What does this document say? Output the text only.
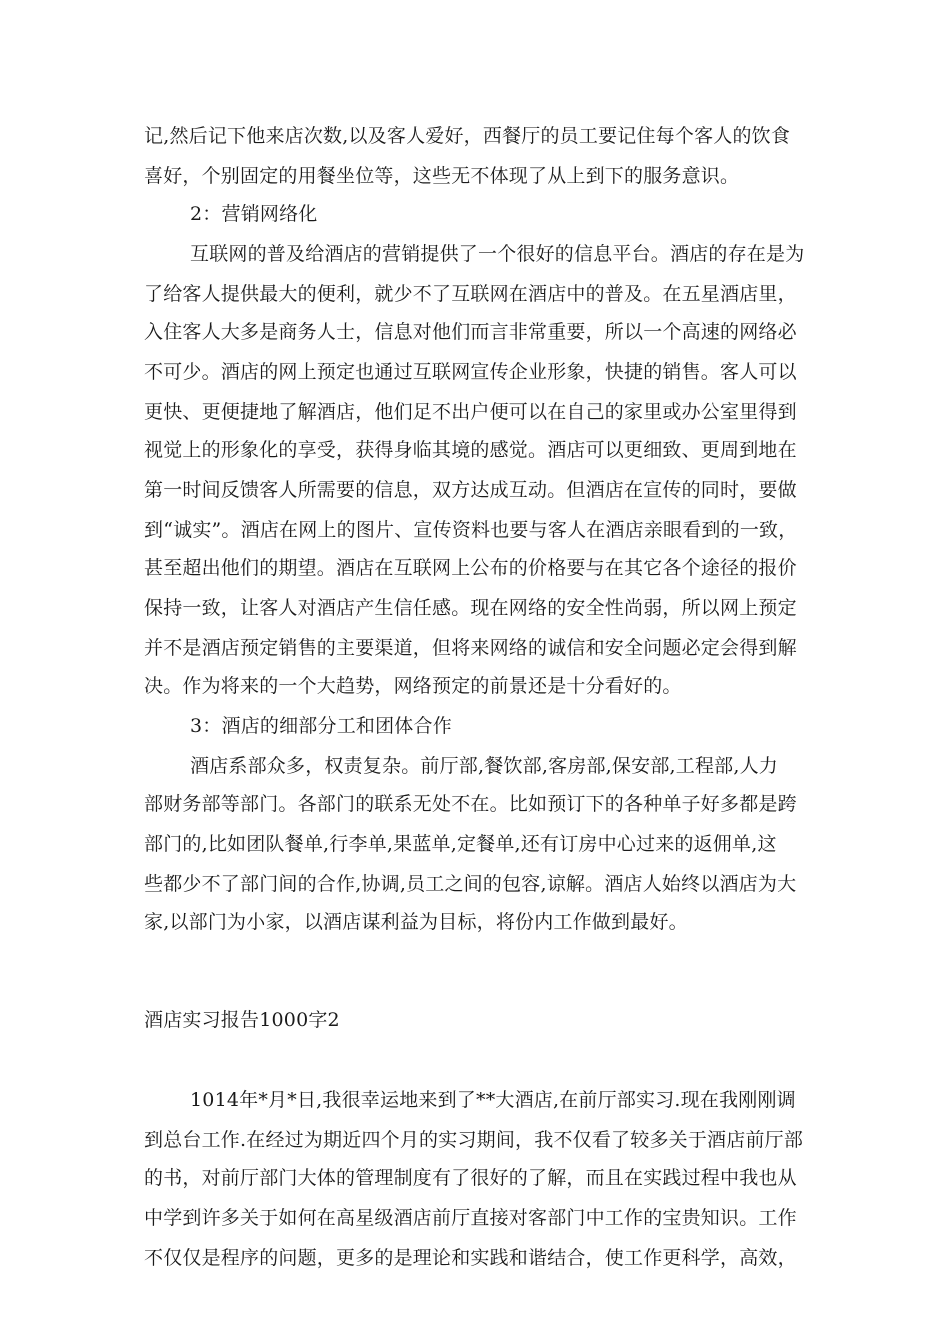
记,然后记下他来店次数,以及客人爱好，西餐厅的员工要记住每个客人的饮食
喜好，个别固定的用餐坐位等，这些无不体现了从上到下的服务意识。
2：营销网络化
互联网的普及给酒店的营销提供了一个很好的信息平台。酒店的存在是为
了给客人提供最大的便利，就少不了互联网在酒店中的普及。在五星酒店里，
入住客人大多是商务人士，信息对他们而言非常重要，所以一个高速的网络必
不可少。酒店的网上预定也通过互联网宣传企业形象，快捷的销售。客人可以
更快、更便捷地了解酒店，他们足不出户便可以在自己的家里或办公室里得到
视觉上的形象化的享受，获得身临其境的感觉。酒店可以更细致、更周到地在
第一时间反馈客人所需要的信息，双方达成互动。但酒店在宣传的同时，要做
到“诚实”。酒店在网上的图片、宣传资料也要与客人在酒店亲眼看到的一致，
甚至超出他们的期望。酒店在互联网上公布的价格要与在其它各个途径的报价
保持一致，让客人对酒店产生信任感。现在网络的安全性尚弱，所以网上预定
并不是酒店预定销售的主要渠道，但将来网络的诚信和安全问题必定会得到解
决。作为将来的一个大趋势，网络预定的前景还是十分看好的。
3：酒店的细部分工和团体合作
酒店系部众多，权责复杂。前厅部,餐饮部,客房部,保安部,工程部,人力
部财务部等部门。各部门的联系无处不在。比如预订下的各种单子好多都是跨
部门的,比如团队餐单,行李单,果蓝单,定餐单,还有订房中心过来的返佣单,这
些都少不了部门间的合作,协调,员工之间的包容,谅解。酒店人始终以酒店为大
家,以部门为小家，以酒店谋利益为目标，将份内工作做到最好。
酒店实习报告1000字2
1014年*月*日,我很幸运地来到了**大酒店,在前厅部实习.现在我刚刚调
到总台工作.在经过为期近四个月的实习期间，我不仅看了较多关于酒店前厅部
的书，对前厅部门大体的管理制度有了很好的了解，而且在实践过程中我也从
中学到许多关于如何在高星级酒店前厅直接对客部门中工作的宝贵知识。工作
不仅仅是程序的问题，更多的是理论和实践和谐结合，使工作更科学，高效，
